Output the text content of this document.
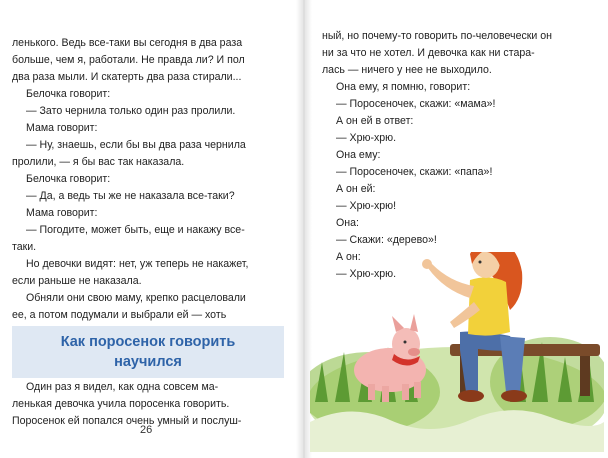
ленького. Ведь все-таки вы сегодня в два раза

больше, чем я, работали. Не правда ли? И пол

два раза мыли. И скатерть два раза стирали...

Белочка говорит:

— Зато чернила только один раз пролили.

Мама говорит:

— Ну, знаешь, если бы вы два раза чернила

пролили, — я бы вас так наказала.

Белочка говорит:

— Да, а ведь ты же не наказала все-таки?

Мама говорит:

— Погодите, может быть, еще и накажу все-

таки.

Но девочки видят: нет, уж теперь не накажет,

если раньше не наказала.

Обняли они свою маму, крепко расцеловали

ее, а потом подумали и выбрали ей — хоть

Как поросенок говорить
научился

Один раз я видел, как одна совсем ма-

ленькая девочка учила поросенка говорить.

Поросенок ей попался очень умный и послуш-

26

ный, но почему-то говорить по-человечески он

ни за что не хотел. И девочка как ни стара-

лась — ничего у нее не выходило.

Она ему, я помню, говорит:

— Поросеночек, скажи: «мама»!

А он ей в ответ:

— Хрю-хрю.

Она ему:

— Поросеночек, скажи: «папа»!

А он ей:

— Хрю-хрю!

Она:

— Скажи: «дерево»!

А он:

— Хрю-хрю.
